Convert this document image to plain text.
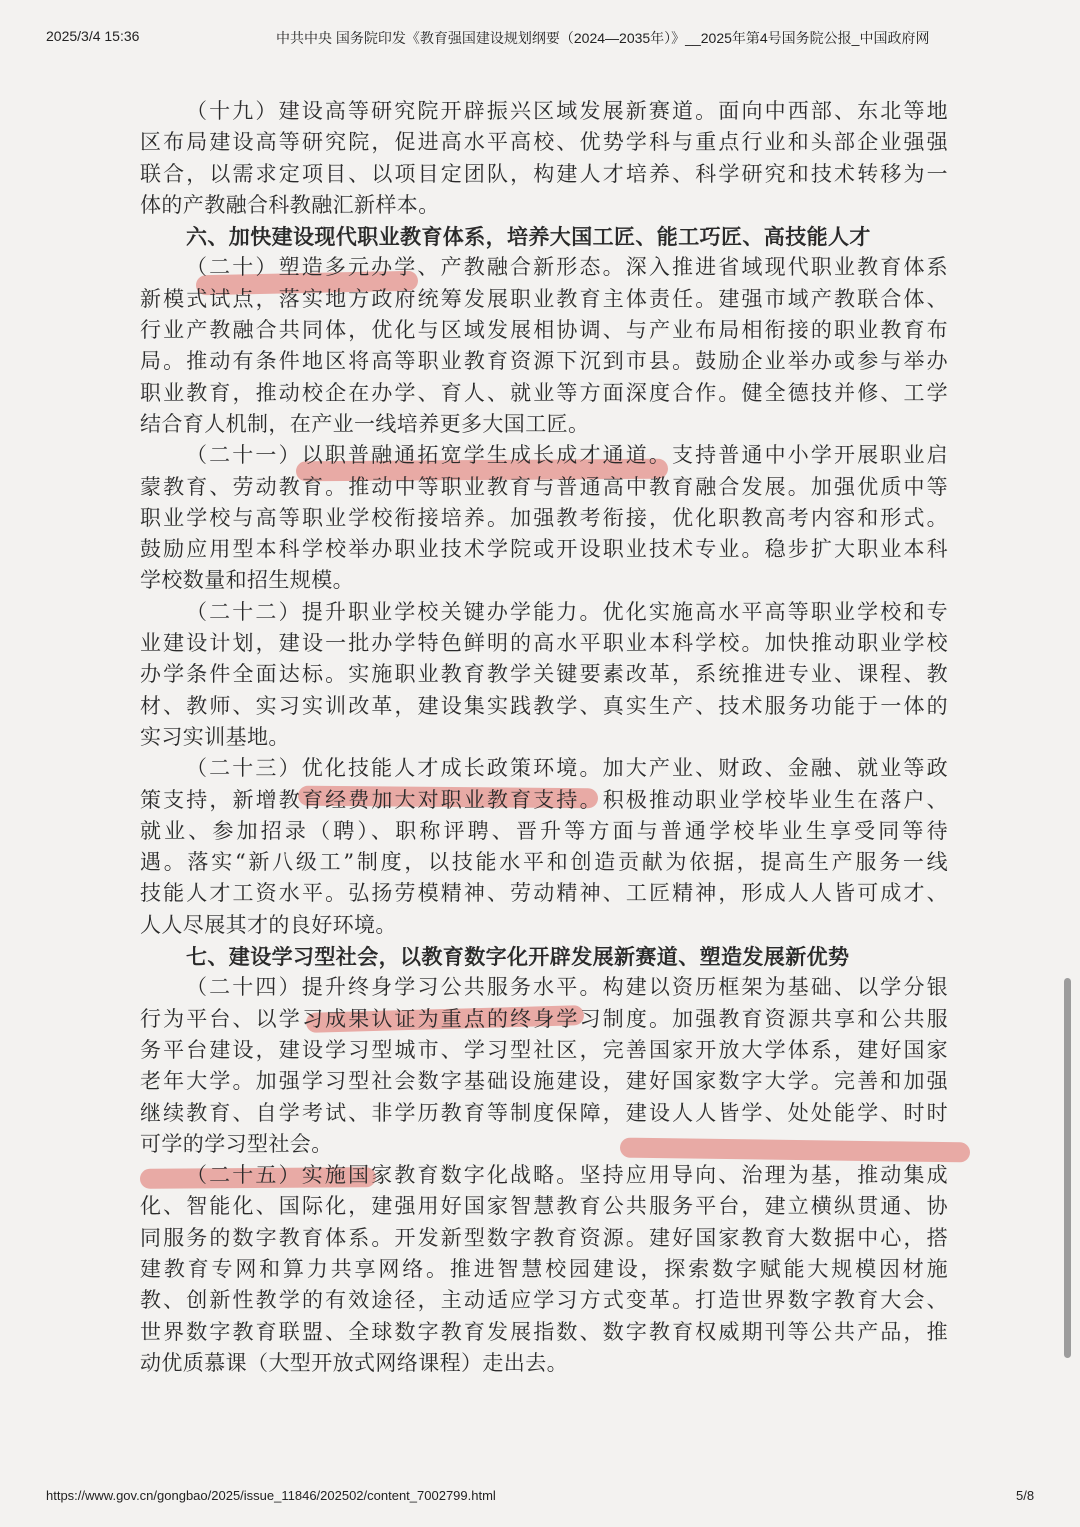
2025/3/4 15:36	中共中央 国务院印发《教育强国建设规划纲要（2024—2035年）》__2025年第4号国务院公报_中国政府网
（十九）建设高等研究院开辟振兴区域发展新赛道。面向中西部、东北等地
区布局建设高等研究院，促进高水平高校、优势学科与重点行业和头部企业强强
联合，以需求定项目、以项目定团队，构建人才培养、科学研究和技术转移为一
体的产教融合科教融汇新样本。
六、加快建设现代职业教育体系，培养大国工匠、能工巧匠、高技能人才
（二十）塑造多元办学、产教融合新形态。深入推进省域现代职业教育体系
新模式试点，落实地方政府统筹发展职业教育主体责任。建强市域产教联合体、
行业产教融合共同体，优化与区域发展相协调、与产业布局相衔接的职业教育布
局。推动有条件地区将高等职业教育资源下沉到市县。鼓励企业举办或参与举办
职业教育，推动校企在办学、育人、就业等方面深度合作。健全德技并修、工学
结合育人机制，在产业一线培养更多大国工匠。
（二十一）以职普融通拓宽学生成长成才通道。支持普通中小学开展职业启
蒙教育、劳动教育。推动中等职业教育与普通高中教育融合发展。加强优质中等
职业学校与高等职业学校衔接培养。加强教考衔接，优化职教高考内容和形式。
鼓励应用型本科学校举办职业技术学院或开设职业技术专业。稳步扩大职业本科
学校数量和招生规模。
（二十二）提升职业学校关键办学能力。优化实施高水平高等职业学校和专
业建设计划，建设一批办学特色鲜明的高水平职业本科学校。加快推动职业学校
办学条件全面达标。实施职业教育教学关键要素改革，系统推进专业、课程、教
材、教师、实习实训改革，建设集实践教学、真实生产、技术服务功能于一体的
实习实训基地。
（二十三）优化技能人才成长政策环境。加大产业、财政、金融、就业等政
策支持，新增教育经费加大对职业教育支持。积极推动职业学校毕业生在落户、
就业、参加招录（聘）、职称评聘、晋升等方面与普通学校毕业生享受同等待
遇。落实“新八级工”制度，以技能水平和创造贡献为依据，提高生产服务一线
技能人才工资水平。弘扬劳模精神、劳动精神、工匠精神，形成人人皆可成才、
人人尽展其才的良好环境。
七、建设学习型社会，以教育数字化开辟发展新赛道、塑造发展新优势
（二十四）提升终身学习公共服务水平。构建以资历框架为基础、以学分银
行为平台、以学习成果认证为重点的终身学习制度。加强教育资源共享和公共服
务平台建设，建设学习型城市、学习型社区，完善国家开放大学体系，建好国家
老年大学。加强学习型社会数字基础设施建设，建好国家数字大学。完善和加强
继续教育、自学考试、非学历教育等制度保障，建设人人皆学、处处能学、时时
可学的学习型社会。
（二十五）实施国家教育数字化战略。坚持应用导向、治理为基，推动集成
化、智能化、国际化，建强用好国家智慧教育公共服务平台，建立横纵贯通、协
同服务的数字教育体系。开发新型数字教育资源。建好国家教育大数据中心，搭
建教育专网和算力共享网络。推进智慧校园建设，探索数字赋能大规模因材施
教、创新性教学的有效途径，主动适应学习方式变革。打造世界数字教育大会、
世界数字教育联盟、全球数字教育发展指数、数字教育权威期刊等公共产品，推
动优质慕课（大型开放式网络课程）走出去。
https://www.gov.cn/gongbao/2025/issue_11846/202502/content_7002799.html	5/8
